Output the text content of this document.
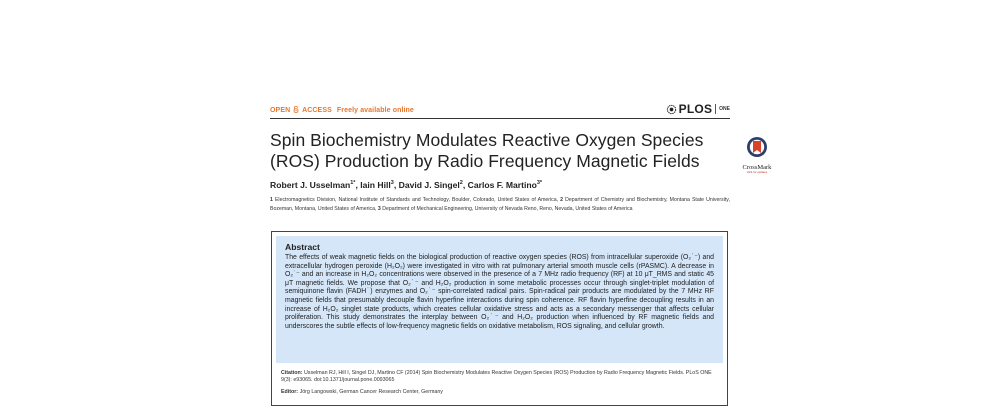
OPEN ACCESS Freely available online	PLOS ONE
Spin Biochemistry Modulates Reactive Oxygen Species (ROS) Production by Radio Frequency Magnetic Fields
Robert J. Usselman$^{1*}$, Iain Hill$^3$, David J. Singel$^2$, Carlos F. Martino$^{3*}$
1 Electromagnetics Division, National Institute of Standards and Technology, Boulder, Colorado, United States of America, 2 Department of Chemistry and Biochemistry, Montana State University, Bozeman, Montana, United States of America, 3 Department of Mechanical Engineering, University of Nevada Reno, Reno, Nevada, United States of America
CrossMark
click for updates
Abstract

The effects of weak magnetic fields on the biological production of reactive oxygen species (ROS) from intracellular superoxide (O₂˙⁻) and extracellular hydrogen peroxide (H₂O₂) were investigated in vitro with rat pulmonary arterial smooth muscle cells (rPASMC). A decrease in O₂˙⁻ and an increase in H₂O₂ concentrations were observed in the presence of a 7 MHz radio frequency (RF) at 10 μT_RMS and static 45 μT magnetic fields. We propose that O₂˙⁻ and H₂O₂ production in some metabolic processes occur through singlet-triplet modulation of semiquinone flavin (FADH˙) enzymes and O₂˙⁻ spin-correlated radical pairs. Spin-radical pair products are modulated by the 7 MHz RF magnetic fields that presumably decouple flavin hyperfine interactions during spin coherence. RF flavin hyperfine decoupling results in an increase of H₂O₂ singlet state products, which creates cellular oxidative stress and acts as a secondary messenger that affects cellular proliferation. This study demonstrates the interplay between O₂˙⁻ and H₂O₂ production when influenced by RF magnetic fields and underscores the subtle effects of low-frequency magnetic fields on oxidative metabolism, ROS signaling, and cellular growth.

Citation: Usselman RJ, Hill I, Singel DJ, Martino CF (2014) Spin Biochemistry Modulates Reactive Oxygen Species (ROS) Production by Radio Frequency Magnetic Fields. PLoS ONE 9(3): e93065. doi:10.1371/journal.pone.0093065
Editor: Jörg Langowski, German Cancer Research Center, Germany
